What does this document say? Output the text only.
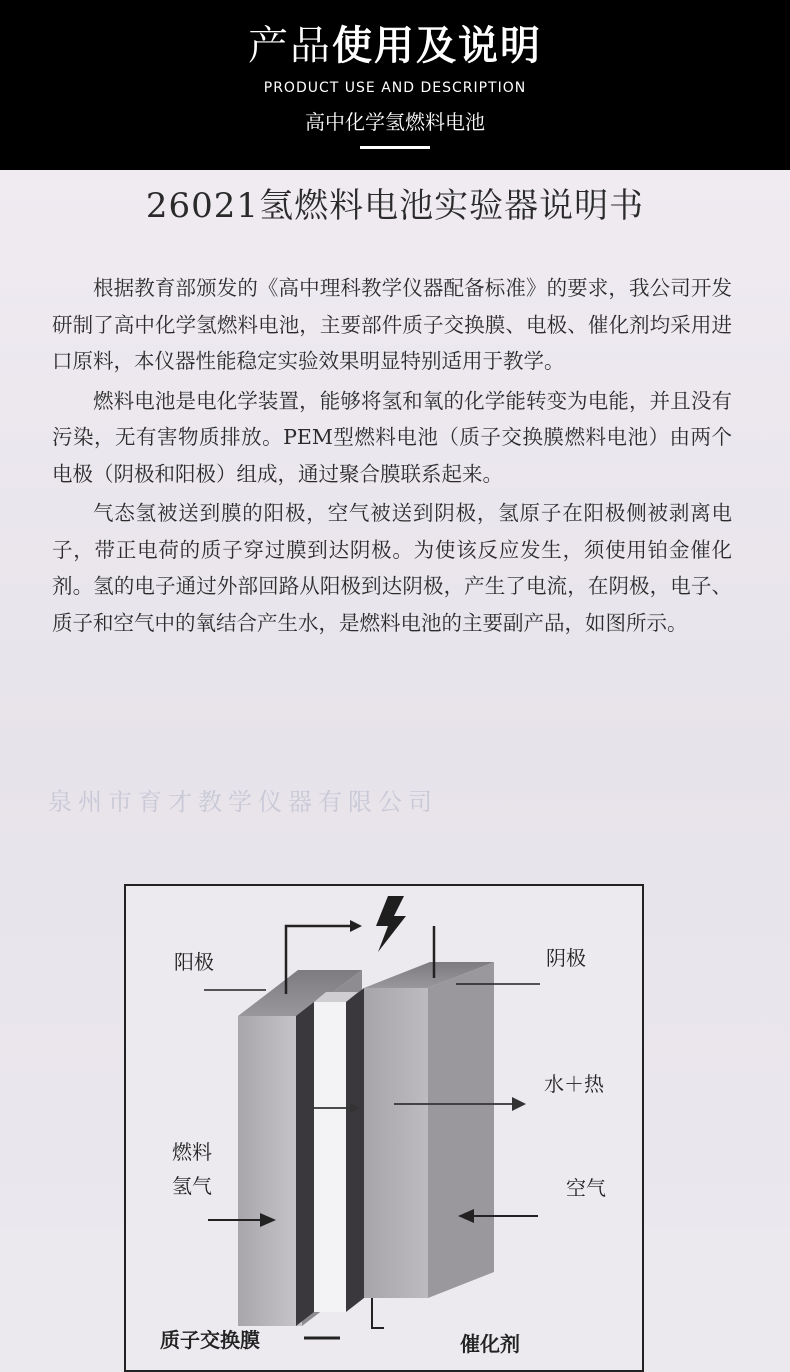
产品使用及说明
PRODUCT USE AND DESCRIPTION
高中化学氢燃料电池
26021氢燃料电池实验器说明书

根据教育部颁发的《高中理科教学仪器配备标准》的要求，我公司开发研制了高中化学氢燃料电池，主要部件质子交换膜、电极、催化剂均采用进口原料，本仪器性能稳定实验效果明显特别适用于教学。

燃料电池是电化学装置，能够将氢和氧的化学能转变为电能，并且没有污染，无有害物质排放。PEM型燃料电池（质子交换膜燃料电池）由两个电极（阴极和阳极）组成，通过聚合膜联系起来。

气态氢被送到膜的阳极，空气被送到阴极，氢原子在阳极侧被剥离电子，带正电荷的质子穿过膜到达阴极。为使该反应发生，须使用铂金催化剂。氢的电子通过外部回路从阳极到达阴极，产生了电流，在阴极，电子、质子和空气中的氧结合产生水，是燃料电池的主要副产品，如图所示。

泉州市育才教学仪器有限公司
阳极	阴极
水＋热
燃料
氢气	空气
质子交换膜	催化剂
